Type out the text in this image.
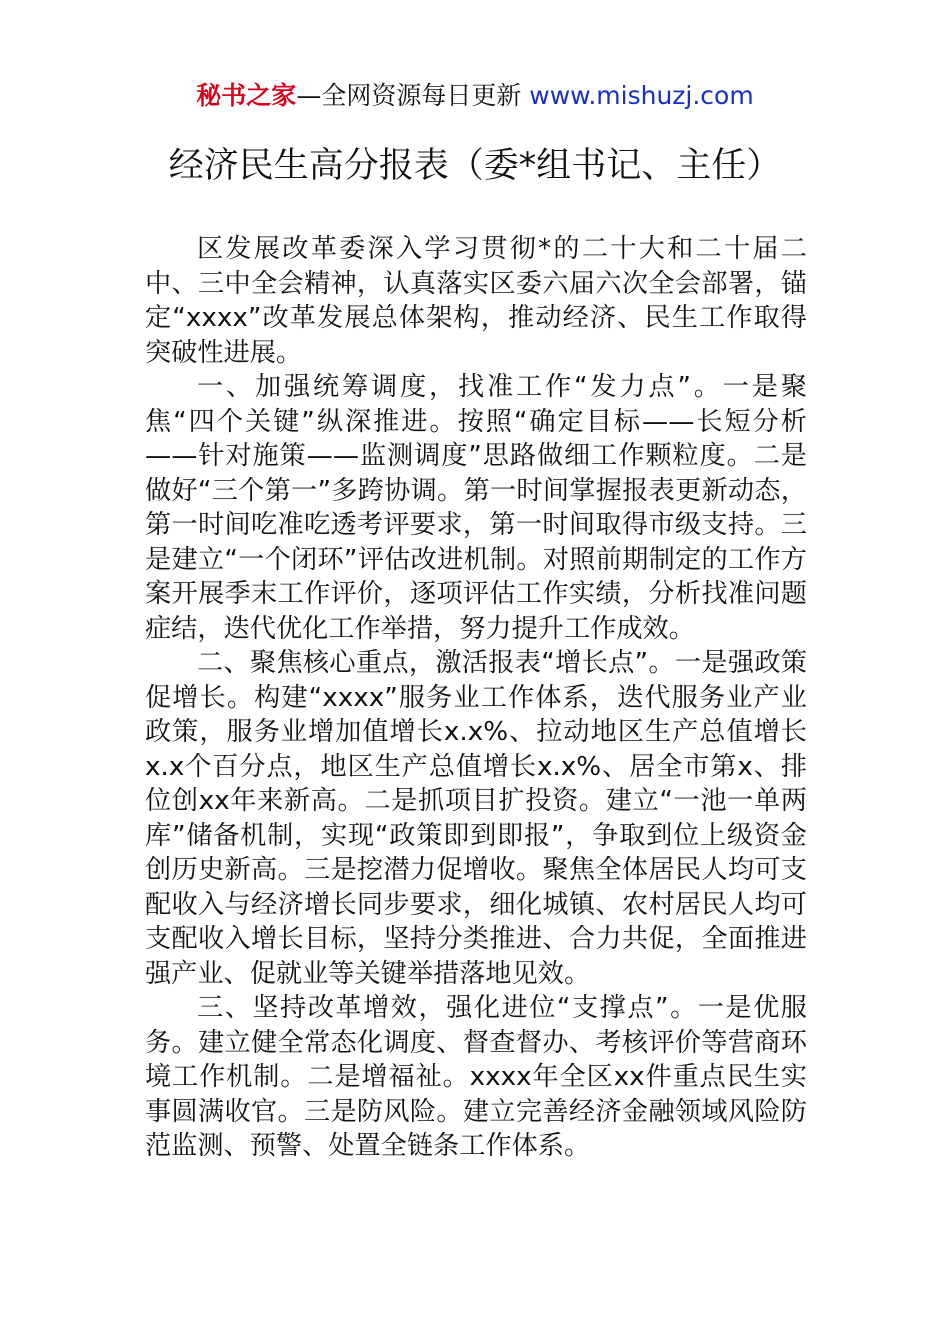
秘书之家—全网资源每日更新 www.mishuzj.com
经济民生高分报表（委*组书记、主任）

区发展改革委深入学习贯彻*的二十大和二十届二中、三中全会精神，认真落实区委六届六次全会部署，锚定“xxxx”改革发展总体架构，推动经济、民生工作取得突破性进展。

一、加强统筹调度，找准工作“发力点”。一是聚焦“四个关键”纵深推进。按照“确定目标——长短分析——针对施策——监测调度”思路做细工作颗粒度。二是做好“三个第一”多跨协调。第一时间掌握报表更新动态，第一时间吃准吃透考评要求，第一时间取得市级支持。三是建立“一个闭环”评估改进机制。对照前期制定的工作方案开展季末工作评价，逐项评估工作实绩，分析找准问题症结，迭代优化工作举措，努力提升工作成效。

二、聚焦核心重点，激活报表“增长点”。一是强政策促增长。构建“xxxx”服务业工作体系，迭代服务业产业政策，服务业增加值增长x.x%、拉动地区生产总值增长x.x个百分点，地区生产总值增长x.x%、居全市第x、排位创xx年来新高。二是抓项目扩投资。建立“一池一单两库”储备机制，实现“政策即到即报”，争取到位上级资金创历史新高。三是挖潜力促增收。聚焦全体居民人均可支配收入与经济增长同步要求，细化城镇、农村居民人均可支配收入增长目标，坚持分类推进、合力共促，全面推进强产业、促就业等关键举措落地见效。

三、坚持改革增效，强化进位“支撑点”。一是优服务。建立健全常态化调度、督查督办、考核评价等营商环境工作机制。二是增福祉。xxxx年全区xx件重点民生实事圆满收官。三是防风险。建立完善经济金融领域风险防范监测、预警、处置全链条工作体系。
